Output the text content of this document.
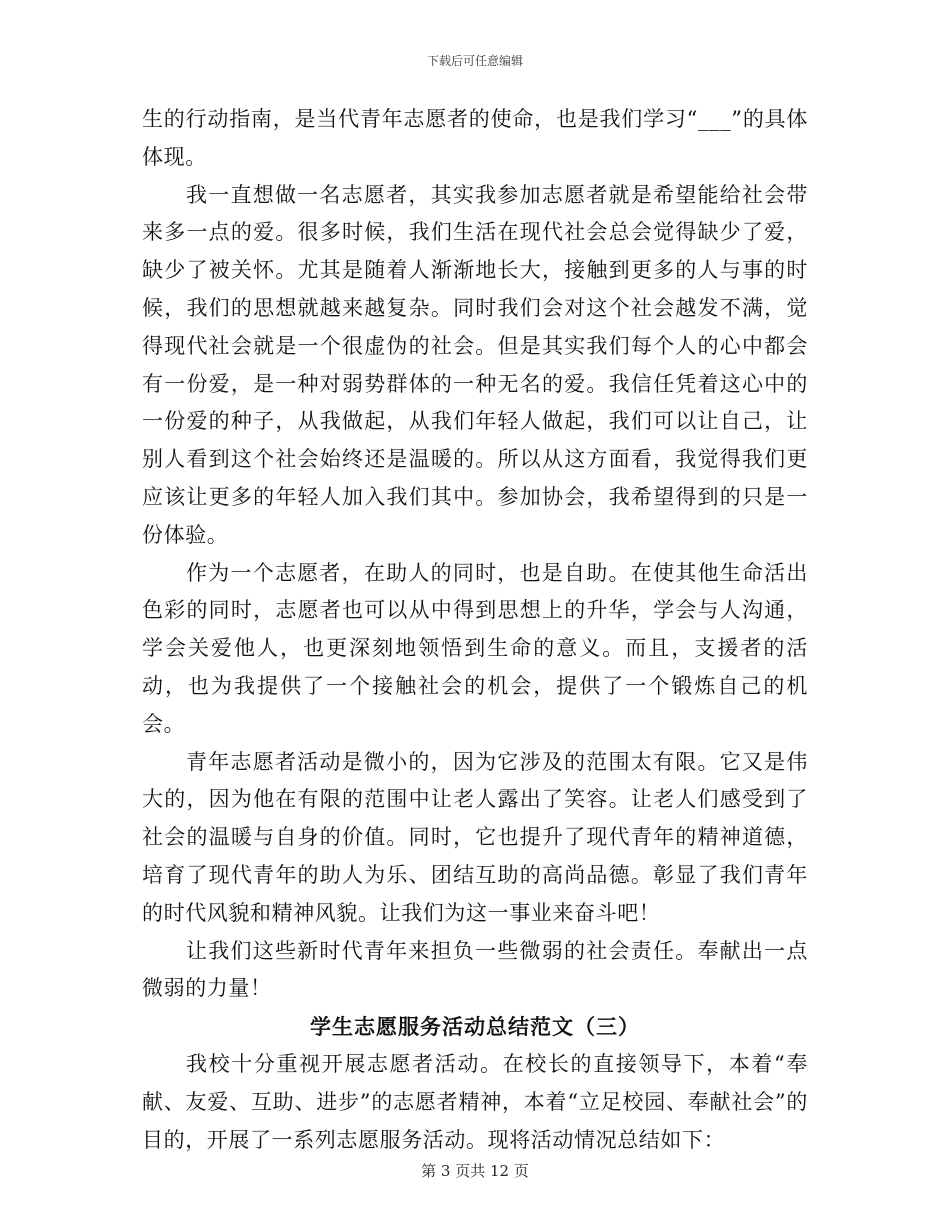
下载后可任意编辑

生的行动指南，是当代青年志愿者的使命，也是我们学习“___”的具体体现。

我一直想做一名志愿者，其实我参加志愿者就是希望能给社会带来多一点的爱。很多时候，我们生活在现代社会总会觉得缺少了爱，缺少了被关怀。尤其是随着人渐渐地长大，接触到更多的人与事的时候，我们的思想就越来越复杂。同时我们会对这个社会越发不满，觉得现代社会就是一个很虚伪的社会。但是其实我们每个人的心中都会有一份爱，是一种对弱势群体的一种无名的爱。我信任凭着这心中的一份爱的种子，从我做起，从我们年轻人做起，我们可以让自己，让别人看到这个社会始终还是温暖的。所以从这方面看，我觉得我们更应该让更多的年轻人加入我们其中。参加协会，我希望得到的只是一份体验。

作为一个志愿者，在助人的同时，也是自助。在使其他生命活出色彩的同时，志愿者也可以从中得到思想上的升华，学会与人沟通，学会关爱他人，也更深刻地领悟到生命的意义。而且，支援者的活动，也为我提供了一个接触社会的机会，提供了一个锻炼自己的机会。

青年志愿者活动是微小的，因为它涉及的范围太有限。它又是伟大的，因为他在有限的范围中让老人露出了笑容。让老人们感受到了社会的温暖与自身的价值。同时，它也提升了现代青年的精神道德，培育了现代青年的助人为乐、团结互助的高尚品德。彰显了我们青年的时代风貌和精神风貌。让我们为这一事业来奋斗吧！

让我们这些新时代青年来担负一些微弱的社会责任。奉献出一点微弱的力量！

学生志愿服务活动总结范文（三）

我校十分重视开展志愿者活动。在校长的直接领导下，本着“奉献、友爱、互助、进步”的志愿者精神，本着“立足校园、奉献社会”的目的，开展了一系列志愿服务活动。现将活动情况总结如下：

第 3 页共 12 页
